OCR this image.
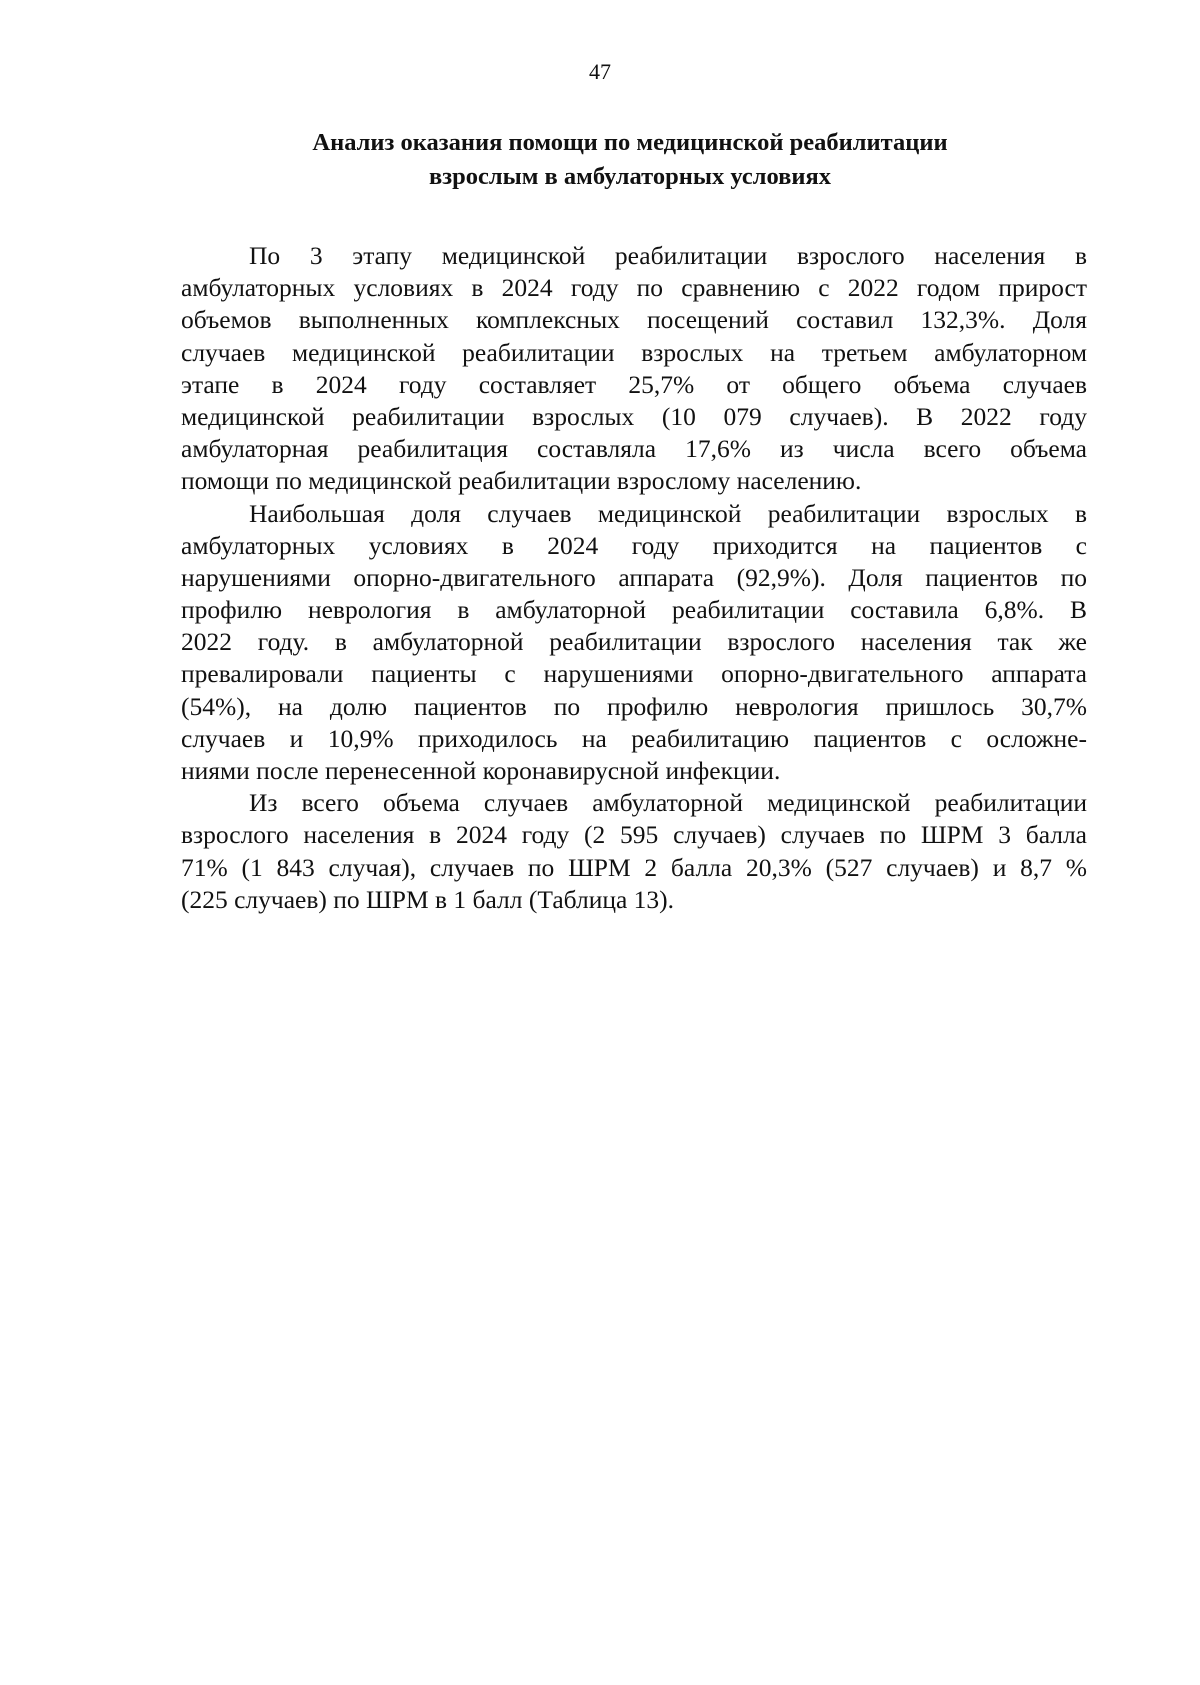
47
Анализ оказания помощи по медицинской реабилитации
взрослым в амбулаторных условиях
По 3 этапу медицинской реабилитации взрослого населения в
амбулаторных условиях в 2024 году по сравнению с 2022 годом прирост
объемов выполненных комплексных посещений составил 132,3%. Доля
случаев медицинской реабилитации взрослых на третьем амбулаторном
этапе в 2024 году составляет 25,7% от общего объема случаев
медицинской реабилитации взрослых (10 079 случаев). В 2022 году
амбулаторная реабилитация составляла 17,6% из числа всего объема
помощи по медицинской реабилитации взрослому населению.
Наибольшая доля случаев медицинской реабилитации взрослых в
амбулаторных условиях в 2024 году приходится на пациентов с
нарушениями опорно-двигательного аппарата (92,9%). Доля пациентов по
профилю неврология в амбулаторной реабилитации составила 6,8%. В
2022 году. в амбулаторной реабилитации взрослого населения так же
превалировали пациенты с нарушениями опорно-двигательного аппарата
(54%), на долю пациентов по профилю неврология пришлось 30,7%
случаев и 10,9% приходилось на реабилитацию пациентов с осложне-
ниями после перенесенной коронавирусной инфекции.
Из всего объема случаев амбулаторной медицинской реабилитации
взрослого населения в 2024 году (2 595 случаев) случаев по ШРМ 3 балла
71% (1 843 случая), случаев по ШРМ 2 балла 20,3% (527 случаев) и 8,7 %
(225 случаев) по ШРМ в 1 балл (Таблица 13).
